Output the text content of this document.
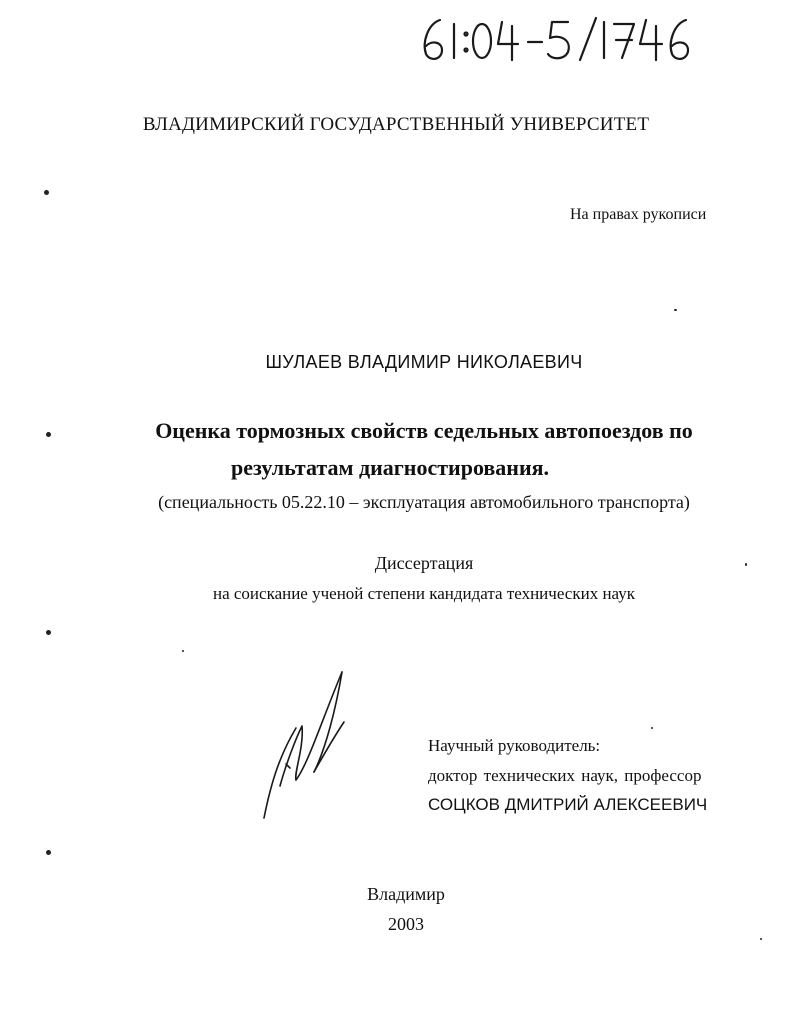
ВЛАДИМИРСКИЙ ГОСУДАРСТВЕННЫЙ УНИВЕРСИТЕТ
На правах рукописи
ШУЛАЕВ ВЛАДИМИР НИКОЛАЕВИЧ
Оценка тормозных свойств седельных автопоездов по
результатам диагностирования.
(специальность 05.22.10 – эксплуатация автомобильного транспорта)
Диссертация
на соискание ученой степени кандидата технических наук
Научный руководитель:
доктор технических наук, профессор
СОЦКОВ ДМИТРИЙ АЛЕКСЕЕВИЧ
Владимир
2003
